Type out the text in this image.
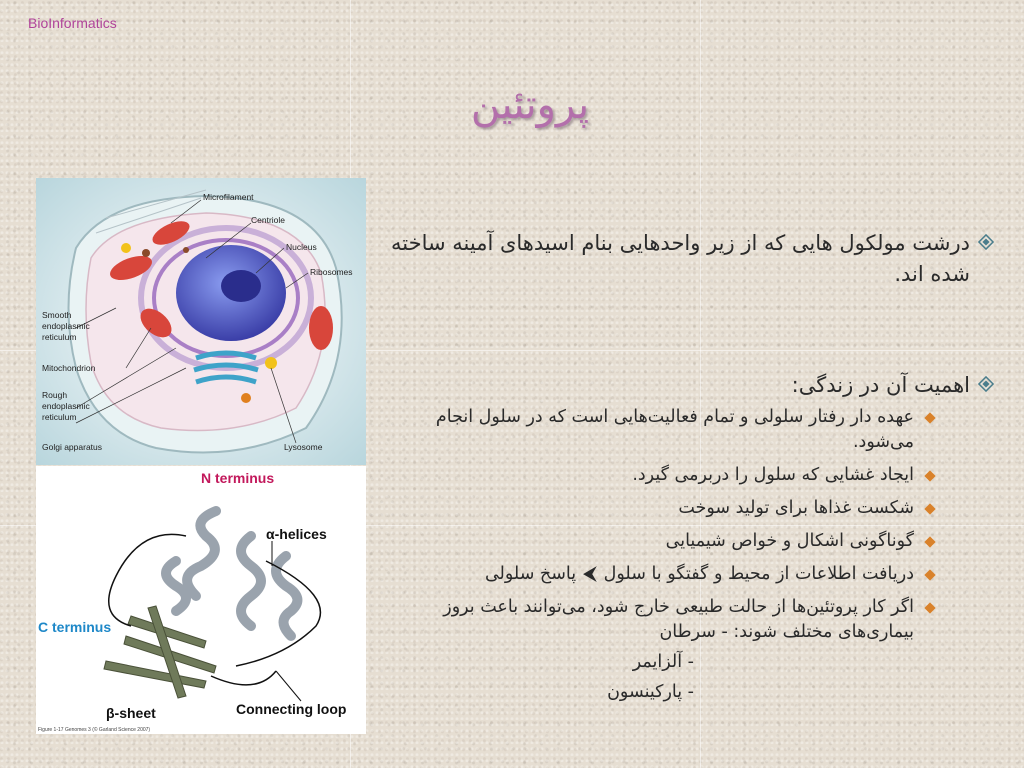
BioInformatics
پروتئین
Microfilament
Centriole
Nucleus
Ribosomes
Smooth
endoplasmic
reticulum
Mitochondrion
Rough
endoplasmic
reticulum
Golgi apparatus	Lysosome
N terminus
C terminus
α-helices
β-sheet	Connecting loop
Figure 1-17 Genomes 3 (© Garland Science 2007)
درشت مولکول هایی که از زیر واحدهایی بنام اسیدهای آمینه ساخته شده اند.
اهمیت آن در زندگی:
عهده دار رفتار سلولی و تمام فعالیت‌هایی است که در سلول انجام می‌شود.
ایجاد غشایی که سلول را دربرمی گیرد.
شکست غذاها برای تولید سوخت
گوناگونی اشکال و خواص شیمیایی
دریافت اطلاعات از محیط و گفتگو با سلول ⮜ پاسخ سلولی
اگر کار پروتئین‌ها از حالت طبیعی خارج شود، می‌توانند باعث بروز بیماری‌های مختلف شوند: - سرطان
- آلزایمر
- پارکینسون
